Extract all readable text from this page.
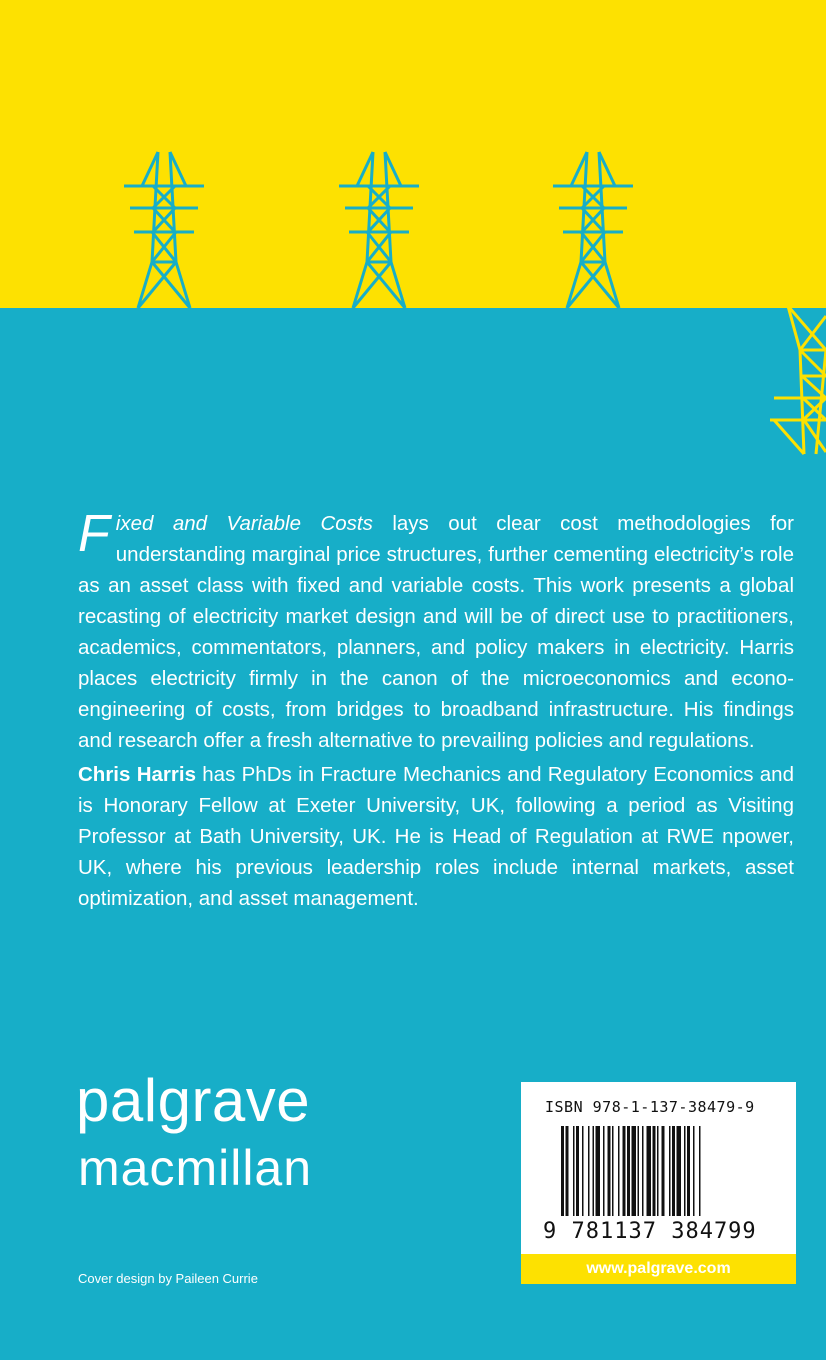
Fixed and Variable Costs lays out clear cost methodologies for understanding marginal price structures, further cementing electricity’s role as an asset class with fixed and variable costs. This work presents a global recasting of electricity market design and will be of direct use to practitioners, academics, commentators, planners, and policy makers in electricity. Harris places electricity firmly in the canon of the microeconomics and econo-engineering of costs, from bridges to broadband infrastructure. His findings and research offer a fresh alternative to prevailing policies and regulations.

Chris Harris has PhDs in Fracture Mechanics and Regulatory Economics and is Honorary Fellow at Exeter University, UK, following a period as Visiting Professor at Bath University, UK. He is Head of Regulation at RWE npower, UK, where his previous leadership roles include internal markets, asset optimization, and asset management.

palgrave
macmillan
Cover design by Paileen Currie
ISBN 978-1-137-38479-9
9 781137 384799
www.palgrave.com
